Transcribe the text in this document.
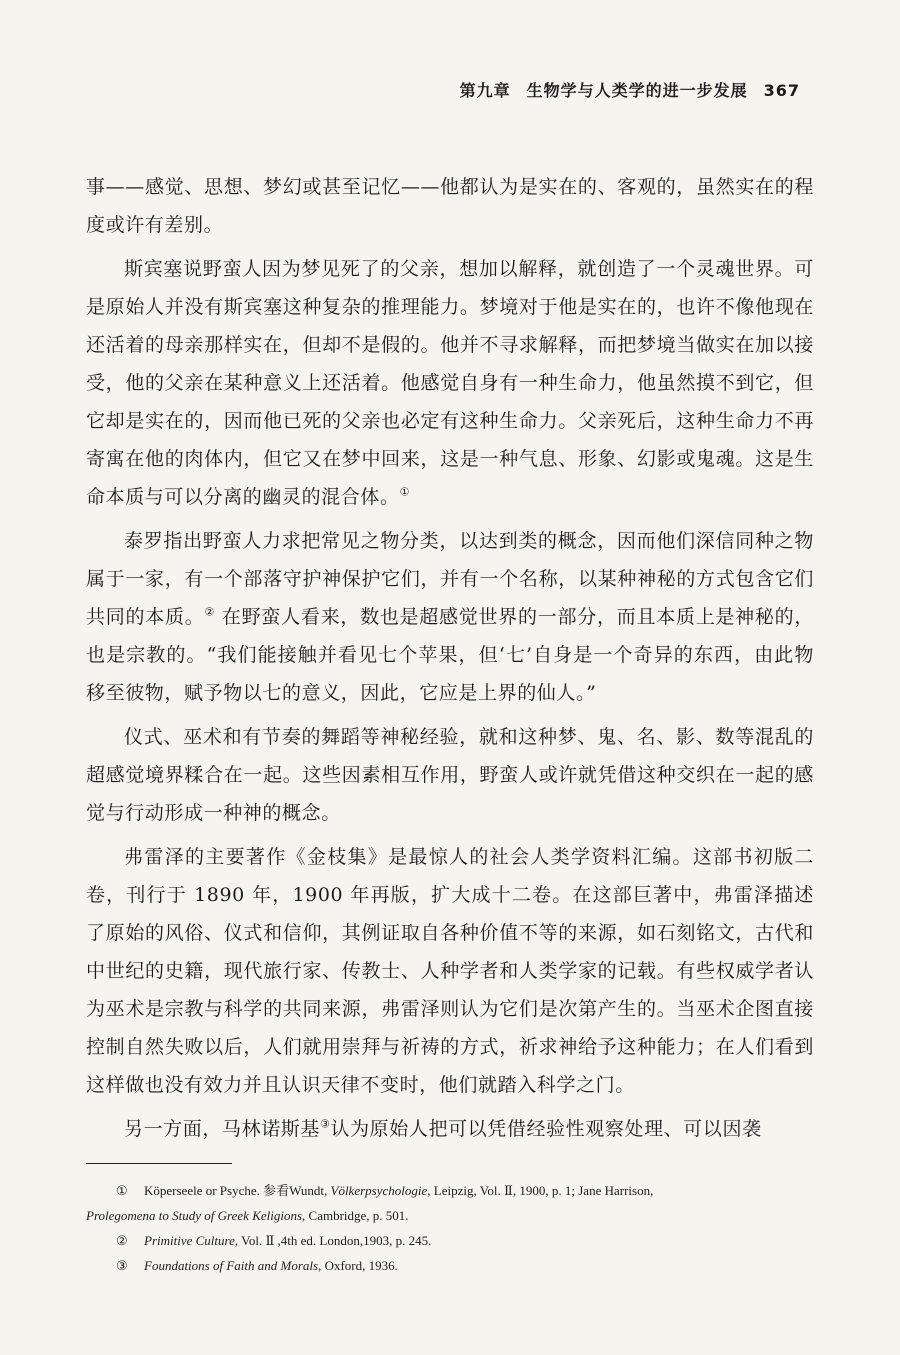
第九章 生物学与人类学的进一步发展 367

事——感觉、思想、梦幻或甚至记忆——他都认为是实在的、客观的，虽然实在的程度或许有差别。

斯宾塞说野蛮人因为梦见死了的父亲，想加以解释，就创造了一个灵魂世界。可是原始人并没有斯宾塞这种复杂的推理能力。梦境对于他是实在的，也许不像他现在还活着的母亲那样实在，但却不是假的。他并不寻求解释，而把梦境当做实在加以接受，他的父亲在某种意义上还活着。他感觉自身有一种生命力，他虽然摸不到它，但它却是实在的，因而他已死的父亲也必定有这种生命力。父亲死后，这种生命力不再寄寓在他的肉体内，但它又在梦中回来，这是一种气息、形象、幻影或鬼魂。这是生命本质与可以分离的幽灵的混合体。①

泰罗指出野蛮人力求把常见之物分类，以达到类的概念，因而他们深信同种之物属于一家，有一个部落守护神保护它们，并有一个名称，以某种神秘的方式包含它们共同的本质。② 在野蛮人看来，数也是超感觉世界的一部分，而且本质上是神秘的，也是宗教的。“我们能接触并看见七个苹果，但‘七’自身是一个奇异的东西，由此物移至彼物，赋予物以七的意义，因此，它应是上界的仙人。”

仪式、巫术和有节奏的舞蹈等神秘经验，就和这种梦、鬼、名、影、数等混乱的超感觉境界糅合在一起。这些因素相互作用，野蛮人或许就凭借这种交织在一起的感觉与行动形成一种神的概念。

弗雷泽的主要著作《金枝集》是最惊人的社会人类学资料汇编。这部书初版二卷，刊行于 1890 年，1900 年再版，扩大成十二卷。在这部巨著中，弗雷泽描述了原始的风俗、仪式和信仰，其例证取自各种价值不等的来源，如石刻铭文，古代和中世纪的史籍，现代旅行家、传教士、人种学者和人类学家的记载。有些权威学者认为巫术是宗教与科学的共同来源，弗雷泽则认为它们是次第产生的。当巫术企图直接控制自然失败以后，人们就用崇拜与祈祷的方式，祈求神给予这种能力；在人们看到这样做也没有效力并且认识天律不变时，他们就踏入科学之门。

另一方面，马林诺斯基③认为原始人把可以凭借经验性观察处理、可以因袭

① Köperseele or Psyche. 参看Wundt, Völkerpsychologie, Leipzig, Vol. Ⅱ, 1900, p. 1; Jane Harrison,
Prolegomena to Study of Greek Keligions, Cambridge, p. 501.
② Primitive Culture, Vol. Ⅱ ,4th ed. London,1903, p. 245.
③ Foundations of Faith and Morals, Oxford, 1936.
